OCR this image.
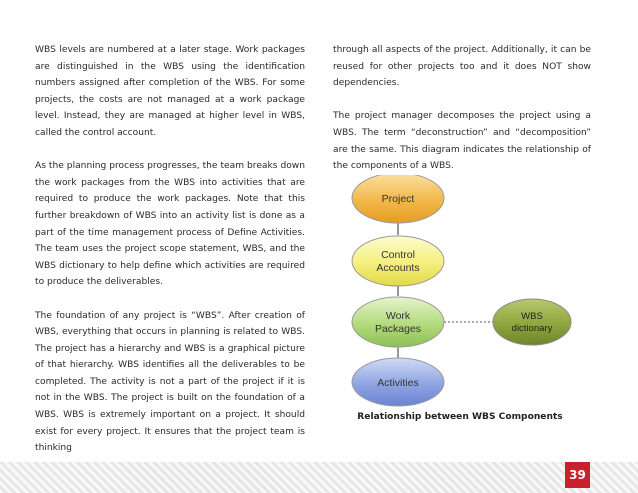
WBS levels are numbered at a later stage. Work packages are distinguished in the WBS using the identification numbers assigned after completion of the WBS. For some projects, the costs are not managed at a work package level. Instead, they are managed at higher level in WBS, called the control account.

As the planning process progresses, the team breaks down the work packages from the WBS into activities that are required to produce the work packages. Note that this further breakdown of WBS into an activity list is done as a part of the time management process of Define Activities. The team uses the project scope statement, WBS, and the WBS dictionary to help define which activities are required to produce the deliverables.

The foundation of any project is “WBS”. After creation of WBS, everything that occurs in planning is related to WBS. The project has a hierarchy and WBS is a graphical picture of that hierarchy. WBS identifies all the deliverables to be completed. The activity is not a part of the project if it is not in the WBS. The project is built on the foundation of a WBS. WBS is extremely important on a project. It should exist for every project. It ensures that the project team is thinking

through all aspects of the project. Additionally, it can be reused for other projects too and it does NOT show dependencies.

The project manager decomposes the project using a WBS. The term “deconstruction” and “decomposition” are the same. This diagram indicates the relationship of the components of a WBS.

Project
Control
Accounts
Work
Packages
Activities
WBS
dictionary
Relationship between WBS Components
39
